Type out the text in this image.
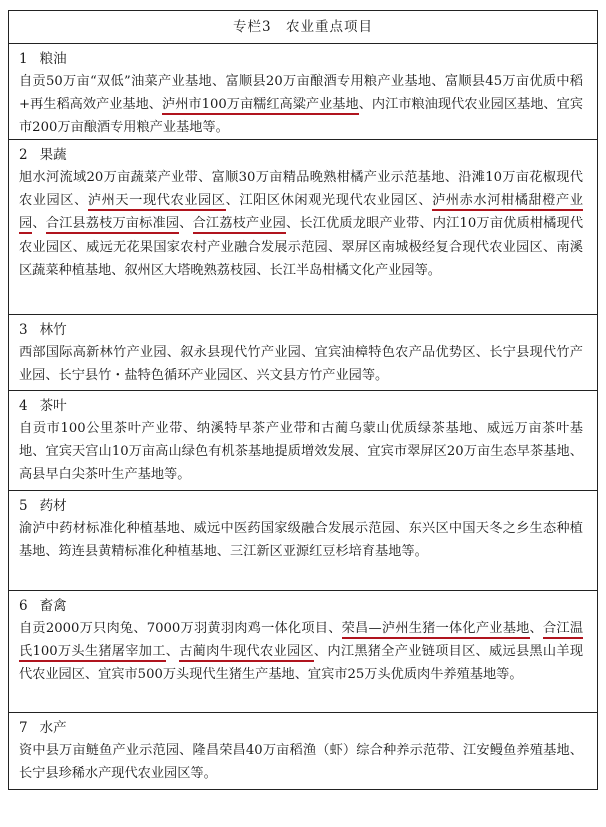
专栏3　农业重点项目
1 粮油
自贡50万亩“双低”油菜产业基地、富顺县20万亩酿酒专用粮产业基地、富顺县45万亩优质中稻+再生稻高效产业基地、泸州市100万亩糯红高粱产业基地、内江市粮油现代农业园区基地、宜宾市200万亩酿酒专用粮产业基地等。
2 果蔬
旭水河流域20万亩蔬菜产业带、富顺30万亩精品晚熟柑橘产业示范基地、沿滩10万亩花椒现代农业园区、泸州天一现代农业园区、江阳区休闲观光现代农业园区、泸州赤水河柑橘甜橙产业园、合江县荔枝万亩标准园、合江荔枝产业园、长江优质龙眼产业带、内江10万亩优质柑橘现代农业园区、威远无花果国家农村产业融合发展示范园、翠屏区南城极经复合现代农业园区、南溪区蔬菜种植基地、叙州区大塔晚熟荔枝园、长江半岛柑橘文化产业园等。
3 林竹
西部国际高新林竹产业园、叙永县现代竹产业园、宜宾油樟特色农产品优势区、长宁县现代竹产业园、长宁县竹・盐特色循环产业园区、兴文县方竹产业园等。
4 茶叶
自贡市100公里茶叶产业带、纳溪特早茶产业带和古蔺乌蒙山优质绿茶基地、威远万亩茶叶基地、宜宾天宫山10万亩高山绿色有机茶基地提质增效发展、宜宾市翠屏区20万亩生态早茶基地、高县早白尖茶叶生产基地等。
5 药材
渝泸中药材标准化种植基地、威远中医药国家级融合发展示范园、东兴区中国天冬之乡生态种植基地、筠连县黄精标准化种植基地、三江新区亚源红豆杉培育基地等。
6 畜禽
自贡2000万只肉兔、7000万羽黄羽肉鸡一体化项目、荣昌—泸州生猪一体化产业基地、合江温氏100万头生猪屠宰加工、古蔺肉牛现代农业园区、内江黑猪全产业链项目区、威远县黑山羊现代农业园区、宜宾市500万头现代生猪生产基地、宜宾市25万头优质肉牛养殖基地等。
7 水产
资中县万亩鲢鱼产业示范园、隆昌荣昌40万亩稻渔（虾）综合种养示范带、江安鳗鱼养殖基地、长宁县珍稀水产现代农业园区等。
